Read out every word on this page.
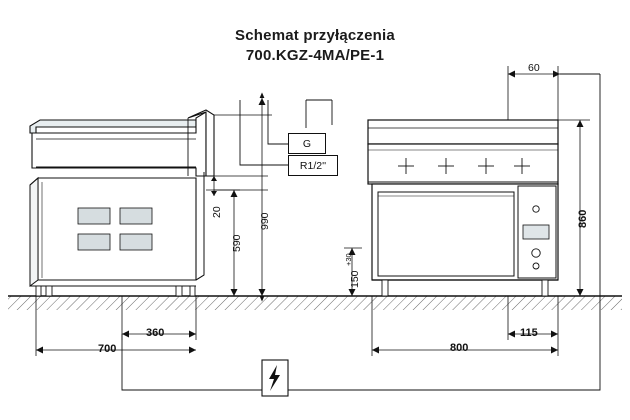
Schemat przyłączenia
700.KGZ-4MA/PE-1
G
R1/2''
60
990
590
20
150
+30
860
360
700	800
115
